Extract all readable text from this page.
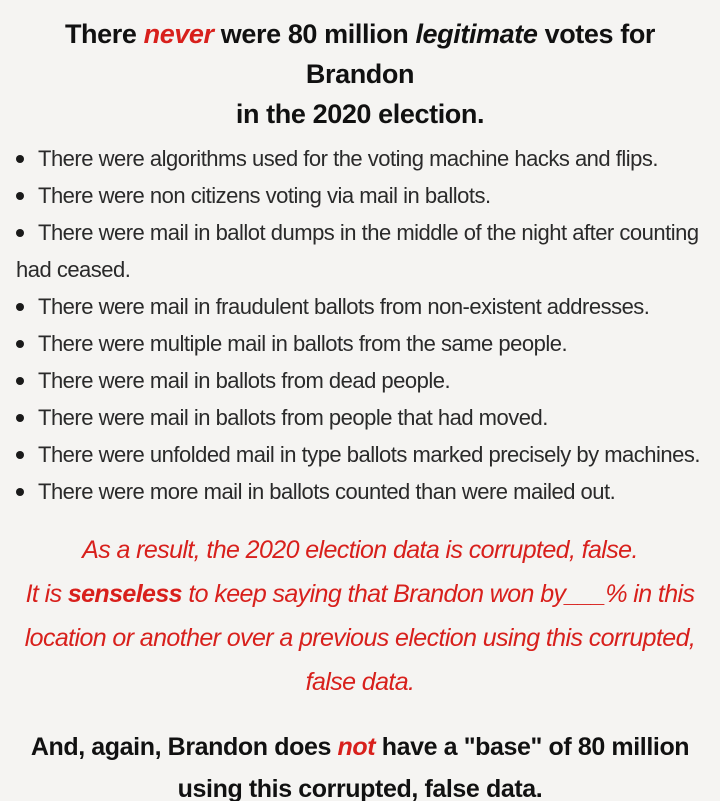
There never were 80 million legitimate votes for Brandon
in the 2020 election.
There were algorithms used for the voting machine hacks and flips.
There were non citizens voting via mail in ballots.
There were mail in ballot dumps in the middle of the night after counting
had ceased.
There were mail in fraudulent ballots from non-existent addresses.
There were multiple mail in ballots from the same people.
There were mail in ballots from dead people.
There were mail in ballots from people that had moved.
There were unfolded mail in type ballots marked precisely by machines.
There were more mail in ballots counted than were mailed out.
As a result, the 2020 election data is corrupted, false.
It is senseless to keep saying that Brandon won by___% in this
location or another over a previous election using this corrupted,
false data.
And, again, Brandon does not have a "base" of 80 million
using this corrupted, false data.
